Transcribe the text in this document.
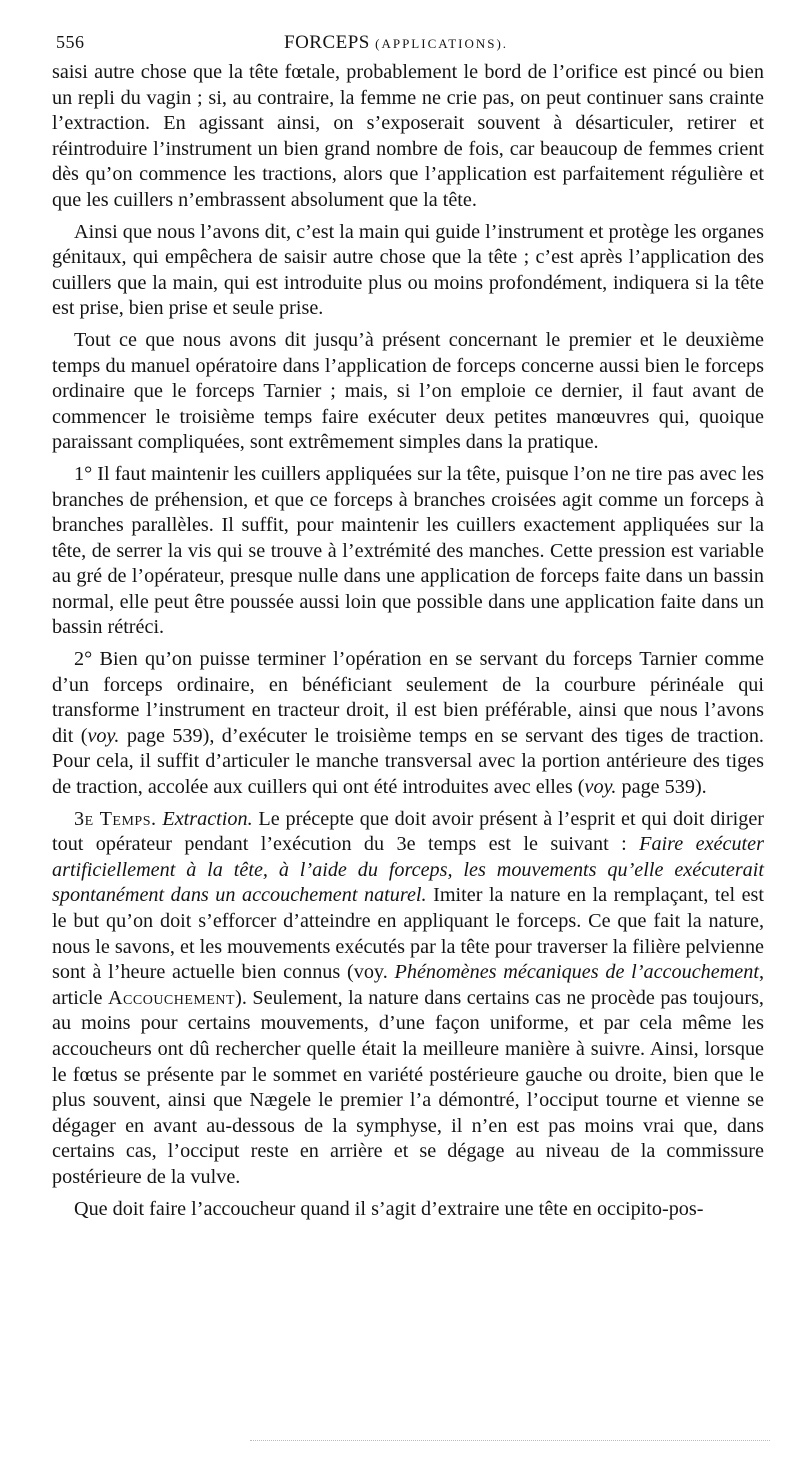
556	FORCEPS (APPLICATIONS).

saisi autre chose que la tête fœtale, probablement le bord de l’orifice est pincé ou bien un repli du vagin ; si, au contraire, la femme ne crie pas, on peut continuer sans crainte l’extraction. En agissant ainsi, on s’exposerait souvent à désarticuler, retirer et réintroduire l’instrument un bien grand nombre de fois, car beaucoup de femmes crient dès qu’on commence les tractions, alors que l’application est parfaitement régulière et que les cuillers n’embrassent absolument que la tête.

Ainsi que nous l’avons dit, c’est la main qui guide l’instrument et protège les organes génitaux, qui empêchera de saisir autre chose que la tête ; c’est après l’application des cuillers que la main, qui est introduite plus ou moins profondément, indiquera si la tête est prise, bien prise et seule prise.

Tout ce que nous avons dit jusqu’à présent concernant le premier et le deuxième temps du manuel opératoire dans l’application de forceps concerne aussi bien le forceps ordinaire que le forceps Tarnier ; mais, si l’on emploie ce dernier, il faut avant de commencer le troisième temps faire exécuter deux petites manœuvres qui, quoique paraissant compliquées, sont extrêmement simples dans la pratique.

1° Il faut maintenir les cuillers appliquées sur la tête, puisque l’on ne tire pas avec les branches de préhension, et que ce forceps à branches croisées agit comme un forceps à branches parallèles. Il suffit, pour maintenir les cuillers exactement appliquées sur la tête, de serrer la vis qui se trouve à l’extrémité des manches. Cette pression est variable au gré de l’opérateur, presque nulle dans une application de forceps faite dans un bassin normal, elle peut être poussée aussi loin que possible dans une application faite dans un bassin rétréci.

2° Bien qu’on puisse terminer l’opération en se servant du forceps Tarnier comme d’un forceps ordinaire, en bénéficiant seulement de la courbure périnéale qui transforme l’instrument en tracteur droit, il est bien préférable, ainsi que nous l’avons dit (voy. page 539), d’exécuter le troisième temps en se servant des tiges de traction. Pour cela, il suffit d’articuler le manche transversal avec la portion antérieure des tiges de traction, accolée aux cuillers qui ont été introduites avec elles (voy. page 539).

3e Temps. Extraction. Le précepte que doit avoir présent à l’esprit et qui doit diriger tout opérateur pendant l’exécution du 3e temps est le suivant : Faire exécuter artificiellement à la tête, à l’aide du forceps, les mouvements qu’elle exécuterait spontanément dans un accouchement naturel. Imiter la nature en la remplaçant, tel est le but qu’on doit s’efforcer d’atteindre en appliquant le forceps. Ce que fait la nature, nous le savons, et les mouvements exécutés par la tête pour traverser la filière pelvienne sont à l’heure actuelle bien connus (voy. Phénomènes mécaniques de l’accouchement, article Accouchement). Seulement, la nature dans certains cas ne procède pas toujours, au moins pour certains mouvements, d’une façon uniforme, et par cela même les accoucheurs ont dû rechercher quelle était la meilleure manière à suivre. Ainsi, lorsque le fœtus se présente par le sommet en variété postérieure gauche ou droite, bien que le plus souvent, ainsi que Nægele le premier l’a démontré, l’occiput tourne et vienne se dégager en avant au-dessous de la symphyse, il n’en est pas moins vrai que, dans certains cas, l’occiput reste en arrière et se dégage au niveau de la commissure postérieure de la vulve.

Que doit faire l’accoucheur quand il s’agit d’extraire une tête en occipito-pos-
